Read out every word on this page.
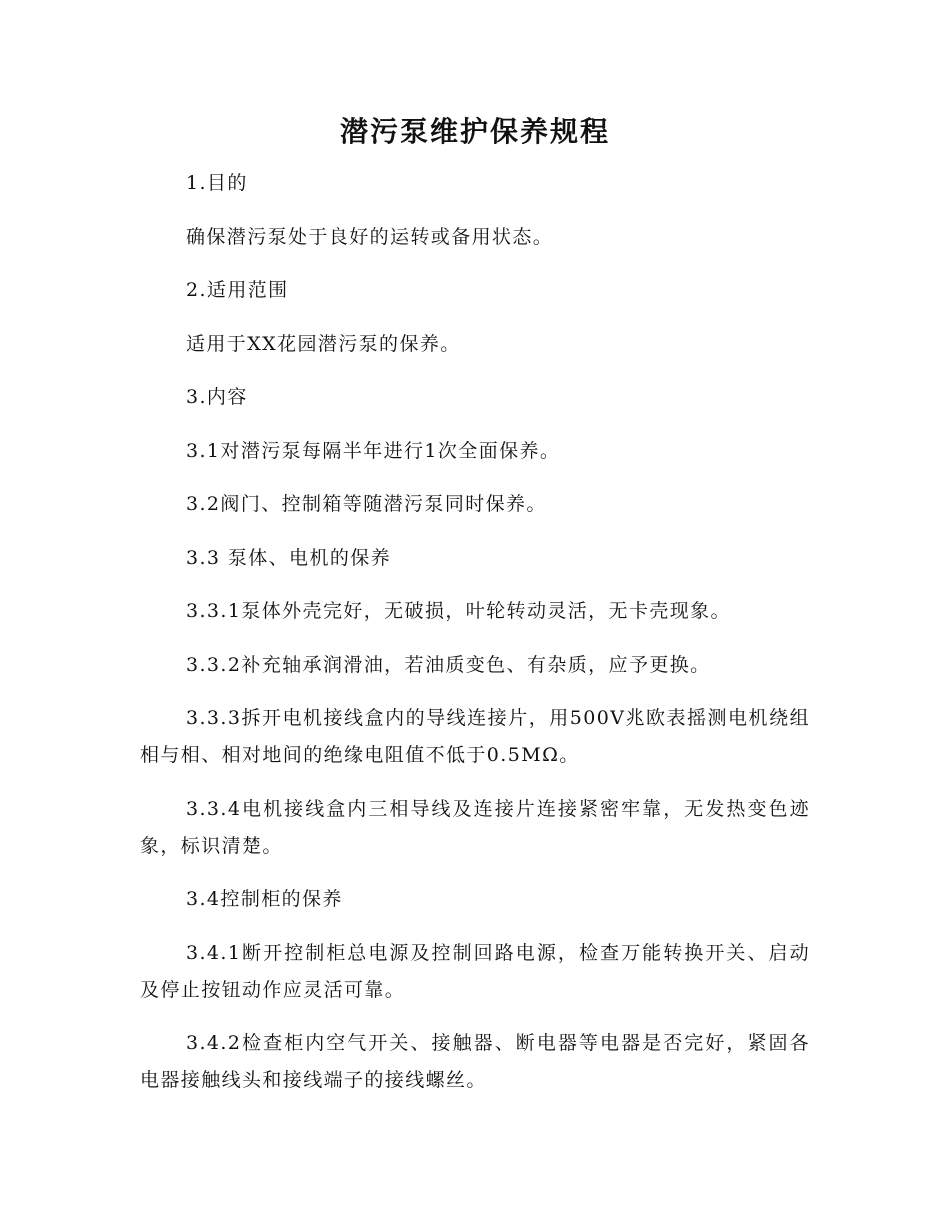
潜污泵维护保养规程

1.目的

确保潜污泵处于良好的运转或备用状态。

2.适用范围

适用于XX花园潜污泵的保养。

3.内容

3.1对潜污泵每隔半年进行1次全面保养。

3.2阀门、控制箱等随潜污泵同时保养。

3.3 泵体、电机的保养

3.3.1泵体外壳完好，无破损，叶轮转动灵活，无卡壳现象。

3.3.2补充轴承润滑油，若油质变色、有杂质，应予更换。

3.3.3拆开电机接线盒内的导线连接片，用500V兆欧表摇测电机绕组相与相、相对地间的绝缘电阻值不低于0.5MΩ。

3.3.4电机接线盒内三相导线及连接片连接紧密牢靠，无发热变色迹象，标识清楚。

3.4控制柜的保养

3.4.1断开控制柜总电源及控制回路电源，检查万能转换开关、启动及停止按钮动作应灵活可靠。

3.4.2检查柜内空气开关、接触器、断电器等电器是否完好，紧固各电器接触线头和接线端子的接线螺丝。
